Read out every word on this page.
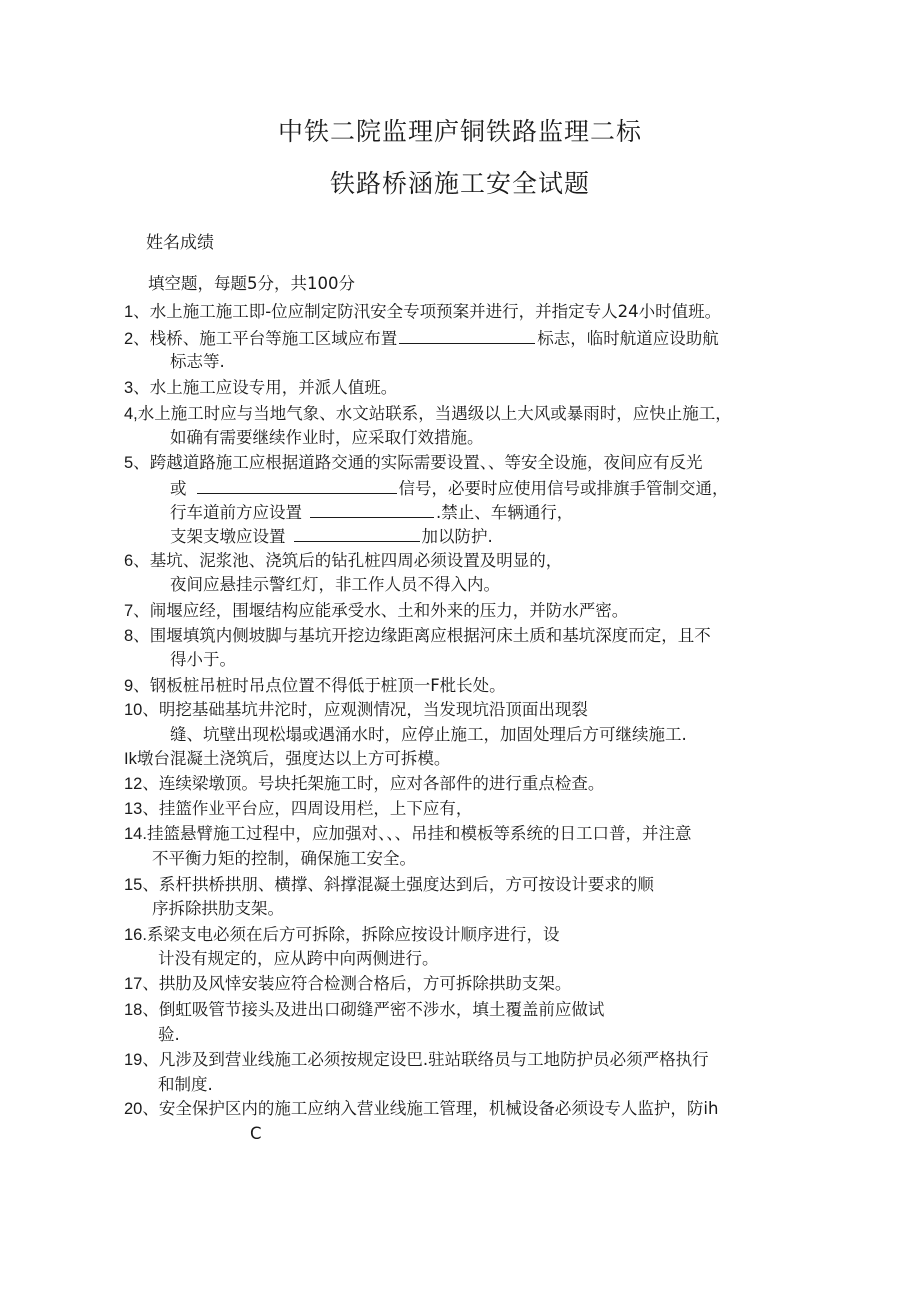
中铁二院监理庐铜铁路监理二标
铁路桥涵施工安全试题
姓名成绩
填空题，每题5分，共100分
1、水上施工施工即-位应制定防汛安全专项预案并进行，并指定专人24小时值班。
2、栈桥、施工平台等施工区域应布置	标志，临时航道应设助航
标志等.
3、水上施工应设专用，并派人值班。
4,水上施工时应与当地气象、水文站联系，当遇级以上大风或暴雨时，应快止施工，
如确有需要继续作业时，应采取仃效措施。
5、跨越道路施工应根据道路交通的实际需要设置、、等安全设施，夜间应有反光
或	信号，必要时应使用信号或排旗手管制交通，
行车道前方应设置	.禁止、车辆通行，
支架支墩应设置	加以防护.
6、基坑、泥浆池、浇筑后的钻孔桩四周必须设置及明显的，
夜间应悬挂示警红灯，非工作人员不得入内。
7、闹堰应经，围堰结构应能承受水、土和外来的压力，并防水严密。
8、围堰填筑内侧坡脚与基坑开挖边缘距离应根据河床土质和基坑深度而定，且不
得小于。
9、钢板桩吊桩时吊点位置不得低于桩顶一F枇长处。
10、明挖基础基坑井沱时，应观测情况，当发现坑沿顶面出现裂
缝、坑壁出现松塌或遇涌水时，应停止施工，加固处理后方可继续施工.
Ik墩台混凝土浇筑后，强度达以上方可拆模。
12、连续梁墩顶。号块托架施工时，应对各部件的进行重点检查。
13、挂篮作业平台应，四周设用栏，上下应有，
14.挂篮悬臂施工过程中，应加强对、、、吊挂和模板等系统的日工口普，并注意
不平衡力矩的控制，确保施工安全。
15、系杆拱桥拱朋、横撑、斜撑混凝土强度达到后，方可按设计要求的顺
序拆除拱肋支架。
16.系梁支电必须在后方可拆除，拆除应按设计顺序进行，设
计没有规定的，应从跨中向两侧进行。
17、拱肋及风悻安装应符合检测合格后，方可拆除拱助支架。
18、倒虹吸管节接头及进出口砌缝严密不涉水，填土覆盖前应做试
验.
19、凡涉及到营业线施工必须按规定设巴.驻站联络员与工地防护员必须严格执行
和制度.
20、安全保护区内的施工应纳入营业线施工管理，机械设备必须设专人监护，防ih
C
